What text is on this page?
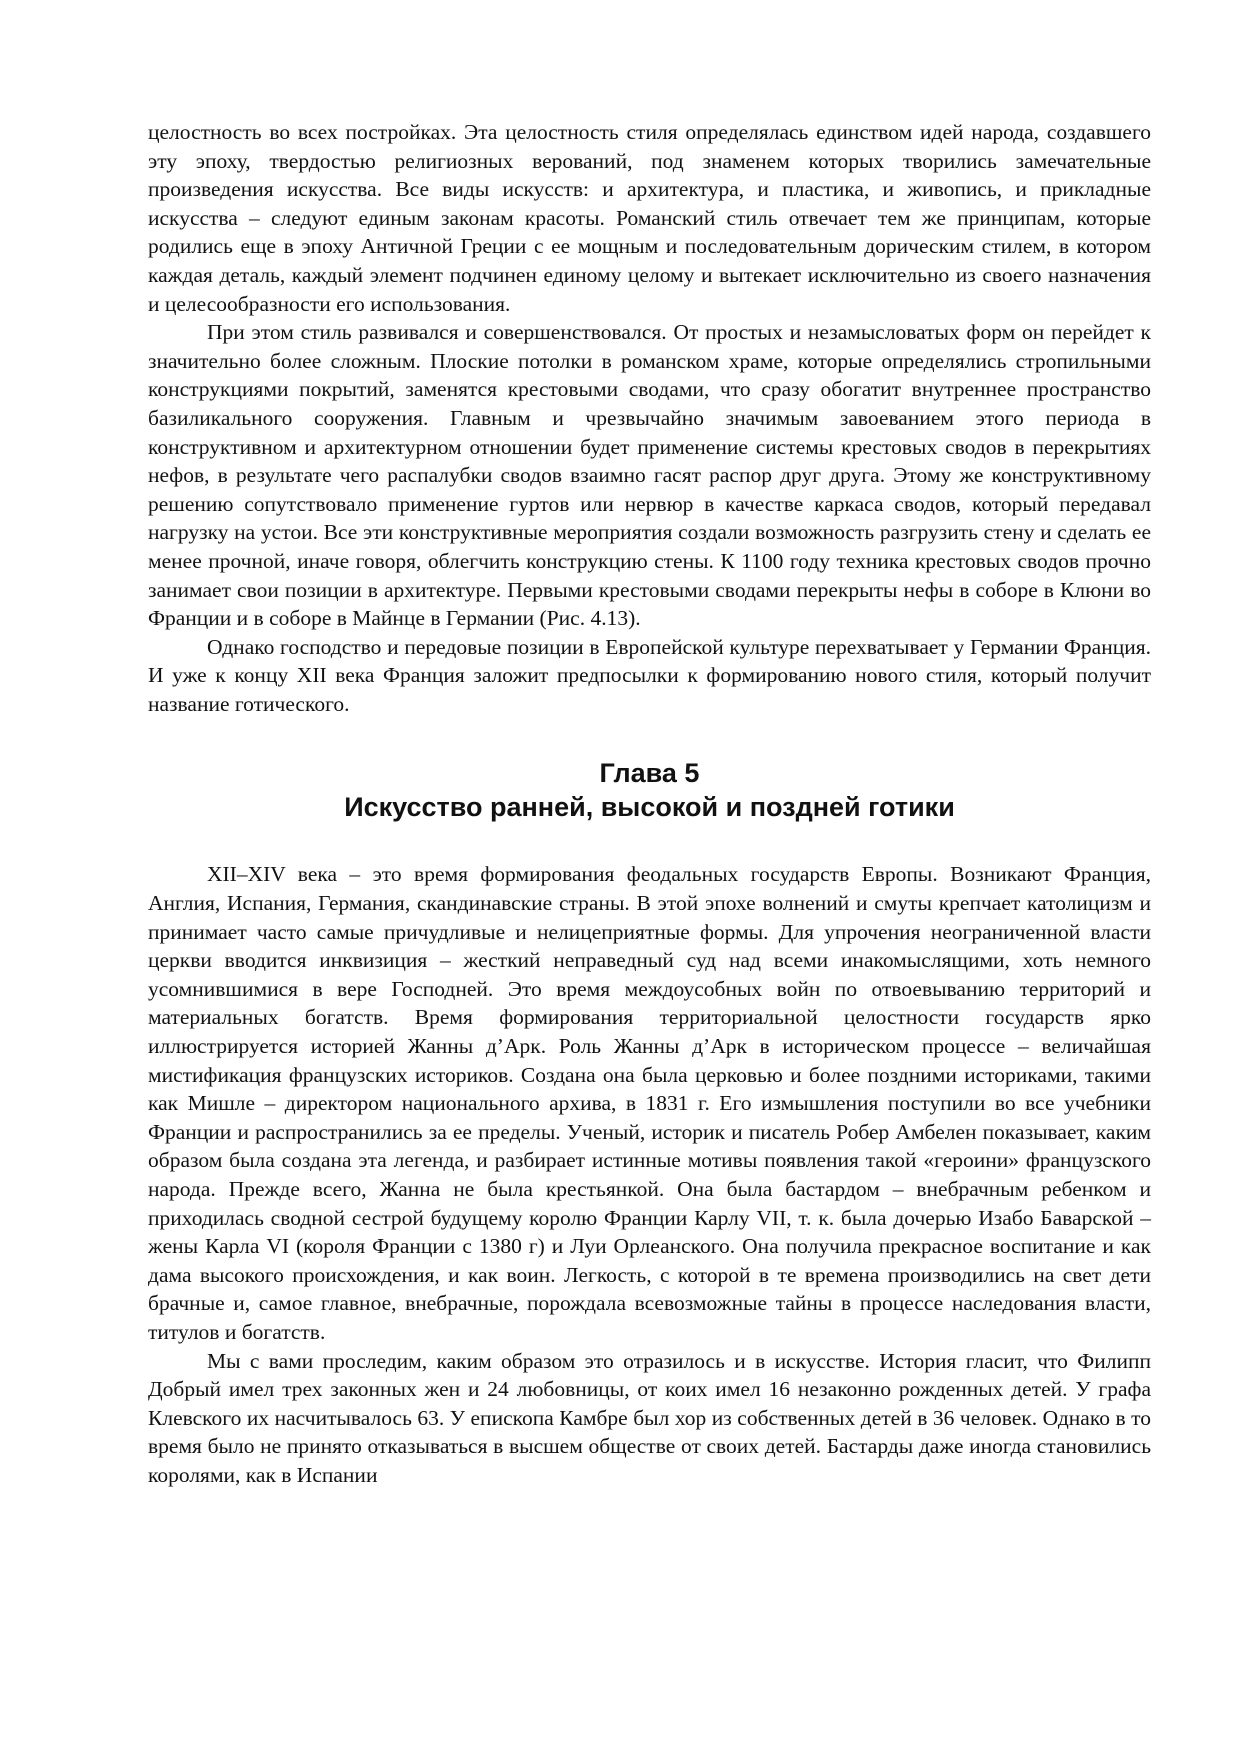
целостность во всех постройках. Эта целостность стиля определялась единством идей народа, создавшего эту эпоху, твердостью религиозных верований, под знаменем которых творились замечательные произведения искусства. Все виды искусств: и архитектура, и пластика, и живопись, и прикладные искусства – следуют единым законам красоты. Романский стиль отвечает тем же принципам, которые родились еще в эпоху Античной Греции с ее мощным и последовательным дорическим стилем, в котором каждая деталь, каждый элемент подчинен единому целому и вытекает исключительно из своего назначения и целесообразности его использования.

При этом стиль развивался и совершенствовался. От простых и незамысловатых форм он перейдет к значительно более сложным. Плоские потолки в романском храме, которые определялись стропильными конструкциями покрытий, заменятся крестовыми сводами, что сразу обогатит внутреннее пространство базиликального сооружения. Главным и чрезвычайно значимым завоеванием этого периода в конструктивном и архитектурном отношении будет применение системы крестовых сводов в перекрытиях нефов, в результате чего распалубки сводов взаимно гасят распор друг друга. Этому же конструктивному решению сопутствовало применение гуртов или нервюр в качестве каркаса сводов, который передавал нагрузку на устои. Все эти конструктивные мероприятия создали возможность разгрузить стену и сделать ее менее прочной, иначе говоря, облегчить конструкцию стены. К 1100 году техника крестовых сводов прочно занимает свои позиции в архитектуре. Первыми крестовыми сводами перекрыты нефы в соборе в Клюни во Франции и в соборе в Майнце в Германии (Рис. 4.13).

Однако господство и передовые позиции в Европейской культуре перехватывает у Германии Франция. И уже к концу XII века Франция заложит предпосылки к формированию нового стиля, который получит название готического.

Глава 5
Искусство ранней, высокой и поздней готики

XII–XIV века – это время формирования феодальных государств Европы. Возникают Франция, Англия, Испания, Германия, скандинавские страны. В этой эпохе волнений и смуты крепчает католицизм и принимает часто самые причудливые и нелицеприятные формы. Для упрочения неограниченной власти церкви вводится инквизиция – жесткий неправедный суд над всеми инакомыслящими, хоть немного усомнившимися в вере Господней. Это время междоусобных войн по отвоевыванию территорий и материальных богатств. Время формирования территориальной целостности государств ярко иллюстрируется историей Жанны д’Арк. Роль Жанны д’Арк в историческом процессе – величайшая мистификация французских историков. Создана она была церковью и более поздними историками, такими как Мишле – директором национального архива, в 1831 г. Его измышления поступили во все учебники Франции и распространились за ее пределы. Ученый, историк и писатель Робер Амбелен показывает, каким образом была создана эта легенда, и разбирает истинные мотивы появления такой «героини» французского народа. Прежде всего, Жанна не была крестьянкой. Она была бастардом – внебрачным ребенком и приходилась сводной сестрой будущему королю Франции Карлу VII, т. к. была дочерью Изабо Баварской – жены Карла VI (короля Франции с 1380 г) и Луи Орлеанского. Она получила прекрасное воспитание и как дама высокого происхождения, и как воин. Легкость, с которой в те времена производились на свет дети брачные и, самое главное, внебрачные, порождала всевозможные тайны в процессе наследования власти, титулов и богатств.

Мы с вами проследим, каким образом это отразилось и в искусстве. История гласит, что Филипп Добрый имел трех законных жен и 24 любовницы, от коих имел 16 незаконно рожденных детей. У графа Клевского их насчитывалось 63. У епископа Камбре был хор из собственных детей в 36 человек. Однако в то время было не принято отказываться в высшем обществе от своих детей. Бастарды даже иногда становились королями, как в Испании
